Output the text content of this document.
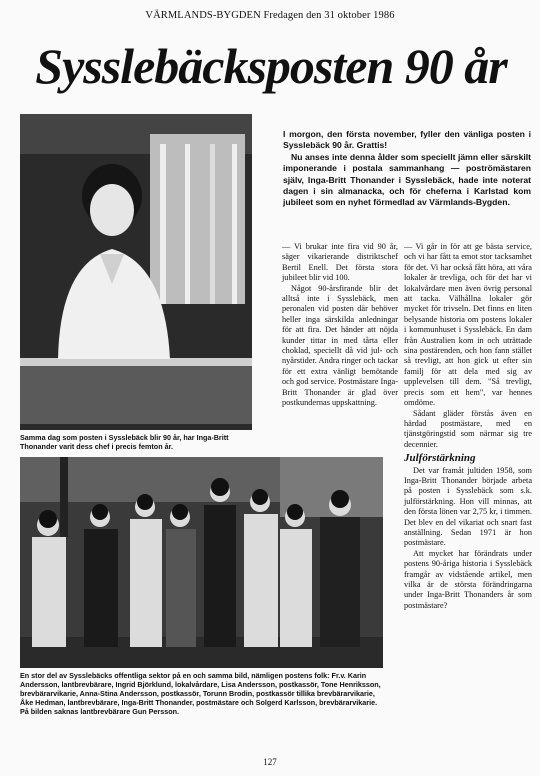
VÄRMLANDS-BYGDEN Fredagen den 31 oktober 1986
Sysslebäcksposten 90 år
Samma dag som posten i Sysslebäck blir 90 år, har Inga-Britt Thonander varit dess chef i precis femton år.

I morgon, den första november, fyller den vänliga posten i Sysslebäck 90 år. Grattis!

Nu anses inte denna ålder som speciellt jämn eller särskilt imponerande i postala sammanhang — poströmästaren själv, Inga-Britt Thonander i Sysslebäck, hade inte noterat dagen i sin almanacka, och för cheferna i Karlstad kom jubileet som en nyhet förmedlad av Värmlands-Bygden.

— Vi brukar inte fira vid 90 år, säger vikarierande distriktschef Bertil Enell. Det första stora jubileet blir vid 100.

Något 90-årsfirande blir det alltså inte i Sysslebäck, men peronalen vid posten där behöver heller inga särskilda anledningar för att fira. Det händer att nöjda kunder tittar in med tårta eller choklad, speciellt då vid jul- och nyårstider. Andra ringer och tackar för ett extra vänligt bemötande och god service. Postmästare Inga-Britt Thonander är glad över postkundernas uppskattning.

— Vi går in för att ge bästa service, och vi har fått ta emot stor tacksamhet för det. Vi har också fått höra, att våra lokaler är trevliga, och för det har vi lokalvårdare men även övrig personal att tacka. Välhållna lokaler gör mycket för trivseln. Det finns en liten belysande historia om postens lokaler i kommunhuset i Sysslebäck. En dam från Australien kom in och uträttade sina postärenden, och hon fann stället så trevligt, att hon gick ut efter sin familj för att dela med sig av upplevelsen till dem. "Så trevligt, precis som ett hem", var hennes omdöme.

Sådant gläder förstås även en härdad postmästare, med en tjänstgöringstid som närmar sig tre decennier.

Julförstärkning

Det var framåt jultiden 1958, som Inga-Britt Thonander började arbeta på posten i Sysslebäck som s.k. julförstärkning. Hon vill minnas, att den första lönen var 2,75 kr, i timmen. Det blev en del vikariat och snart fast anställning. Sedan 1971 är hon postmästare.

Att mycket har förändrats under postens 90-åriga historia i Sysslebäck framgår av vidstående artikel, men vilka är de största förändringarna under Inga-Britt Thonanders år som postmästare?

En stor del av Sysslebäcks offentliga sektor på en och samma bild, nämligen postens folk: Fr.v. Karin Andersson, lantbrevbärare, Ingrid Björklund, lokalvårdare, Lisa Andersson, postkassör, Tone Henriksson, brevbärarvikarie, Anna-Stina Andersson, postkassör, Torunn Brodin, postkassör tillika brevbärarvikarie, Åke Hedman, lantbrevbärare, Inga-Britt Thonander, postmästare och Solgerd Karlsson, brevbärarvikarie. På bilden saknas lantbrevbärare Gun Persson.
127
